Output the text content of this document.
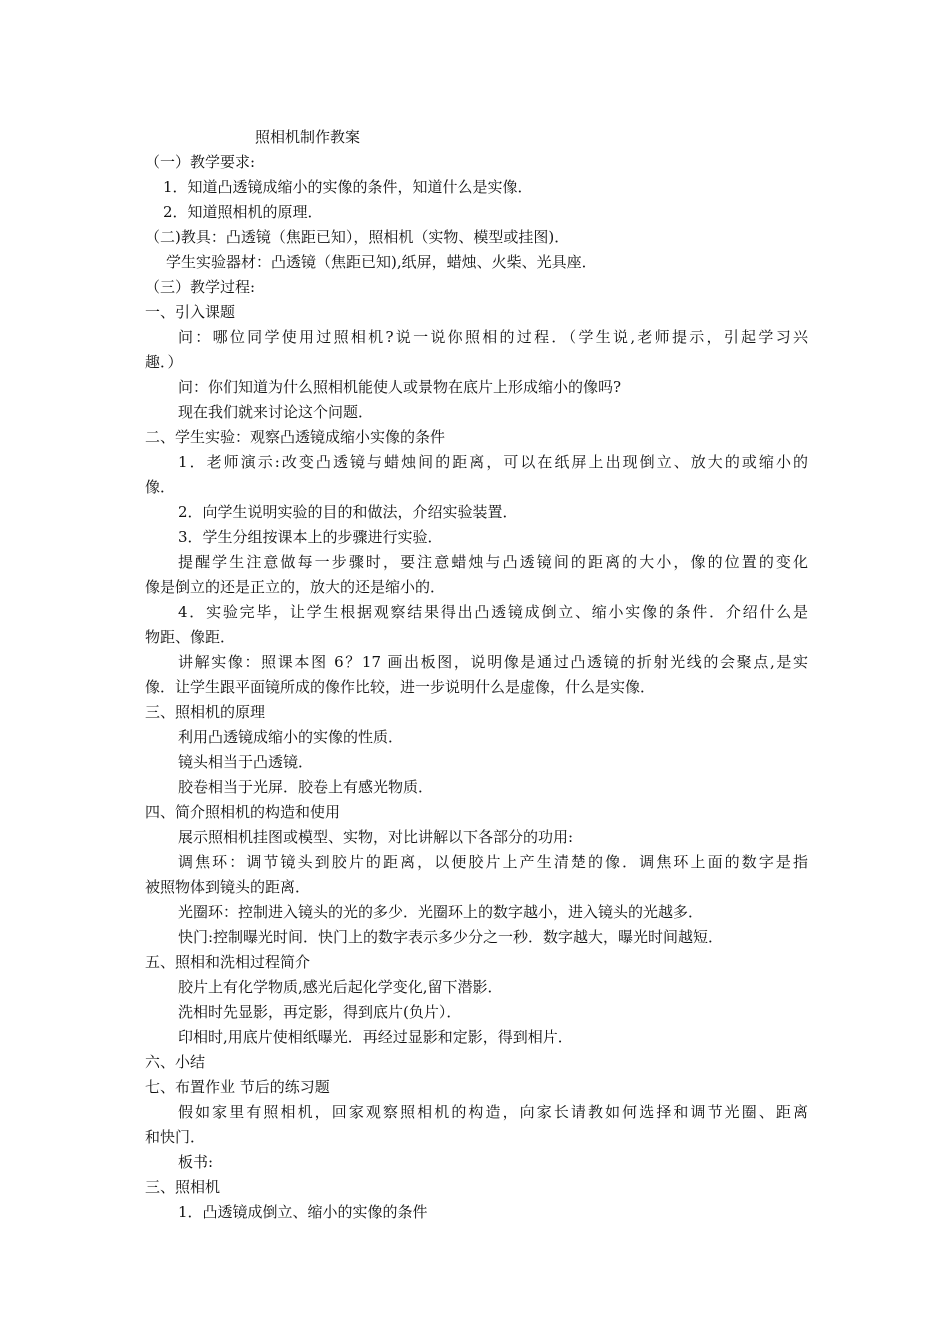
照相机制作教案
（一）教学要求:
1．知道凸透镜成缩小的实像的条件，知道什么是实像．
2．知道照相机的原理．
（二)教具：凸透镜（焦距已知），照相机（实物、模型或挂图)．
学生实验器材：凸透镜（焦距已知),纸屏，蜡烛、火柴、光具座．
（三）教学过程:
一、引入课题
问：哪位同学使用过照相机?说一说你照相的过程．（学生说,老师提示，引起学习兴
趣．）
问：你们知道为什么照相机能使人或景物在底片上形成缩小的像吗?
现在我们就来讨论这个问题．
二、学生实验：观察凸透镜成缩小实像的条件
1．老师演示:改变凸透镜与蜡烛间的距离，可以在纸屏上出现倒立、放大的或缩小的
像．
2．向学生说明实验的目的和做法，介绍实验装置．
3．学生分组按课本上的步骤进行实验．
提醒学生注意做每一步骤时，要注意蜡烛与凸透镜间的距离的大小，像的位置的变化
像是倒立的还是正立的，放大的还是缩小的．
4．实验完毕，让学生根据观察结果得出凸透镜成倒立、缩小实像的条件．介绍什么是
物距、像距．
讲解实像：照课本图 6？17 画出板图，说明像是通过凸透镜的折射光线的会聚点,是实
像．让学生跟平面镜所成的像作比较，进一步说明什么是虚像，什么是实像．
三、照相机的原理
利用凸透镜成缩小的实像的性质．
镜头相当于凸透镜．
胶卷相当于光屏．胶卷上有感光物质．
四、简介照相机的构造和使用
展示照相机挂图或模型、实物，对比讲解以下各部分的功用:
调焦环：调节镜头到胶片的距离，以便胶片上产生清楚的像．调焦环上面的数字是指
被照物体到镜头的距离．
光圈环：控制进入镜头的光的多少．光圈环上的数字越小，进入镜头的光越多．
快门:控制曝光时间．快门上的数字表示多少分之一秒．数字越大，曝光时间越短．
五、照相和洗相过程简介
胶片上有化学物质,感光后起化学变化,留下潜影．
洗相时先显影，再定影，得到底片(负片）．
印相时,用底片使相纸曝光．再经过显影和定影，得到相片．
六、小结
七、布置作业 节后的练习题
假如家里有照相机，回家观察照相机的构造，向家长请教如何选择和调节光圈、距离
和快门．
板书:
三、照相机
1．凸透镜成倒立、缩小的实像的条件
